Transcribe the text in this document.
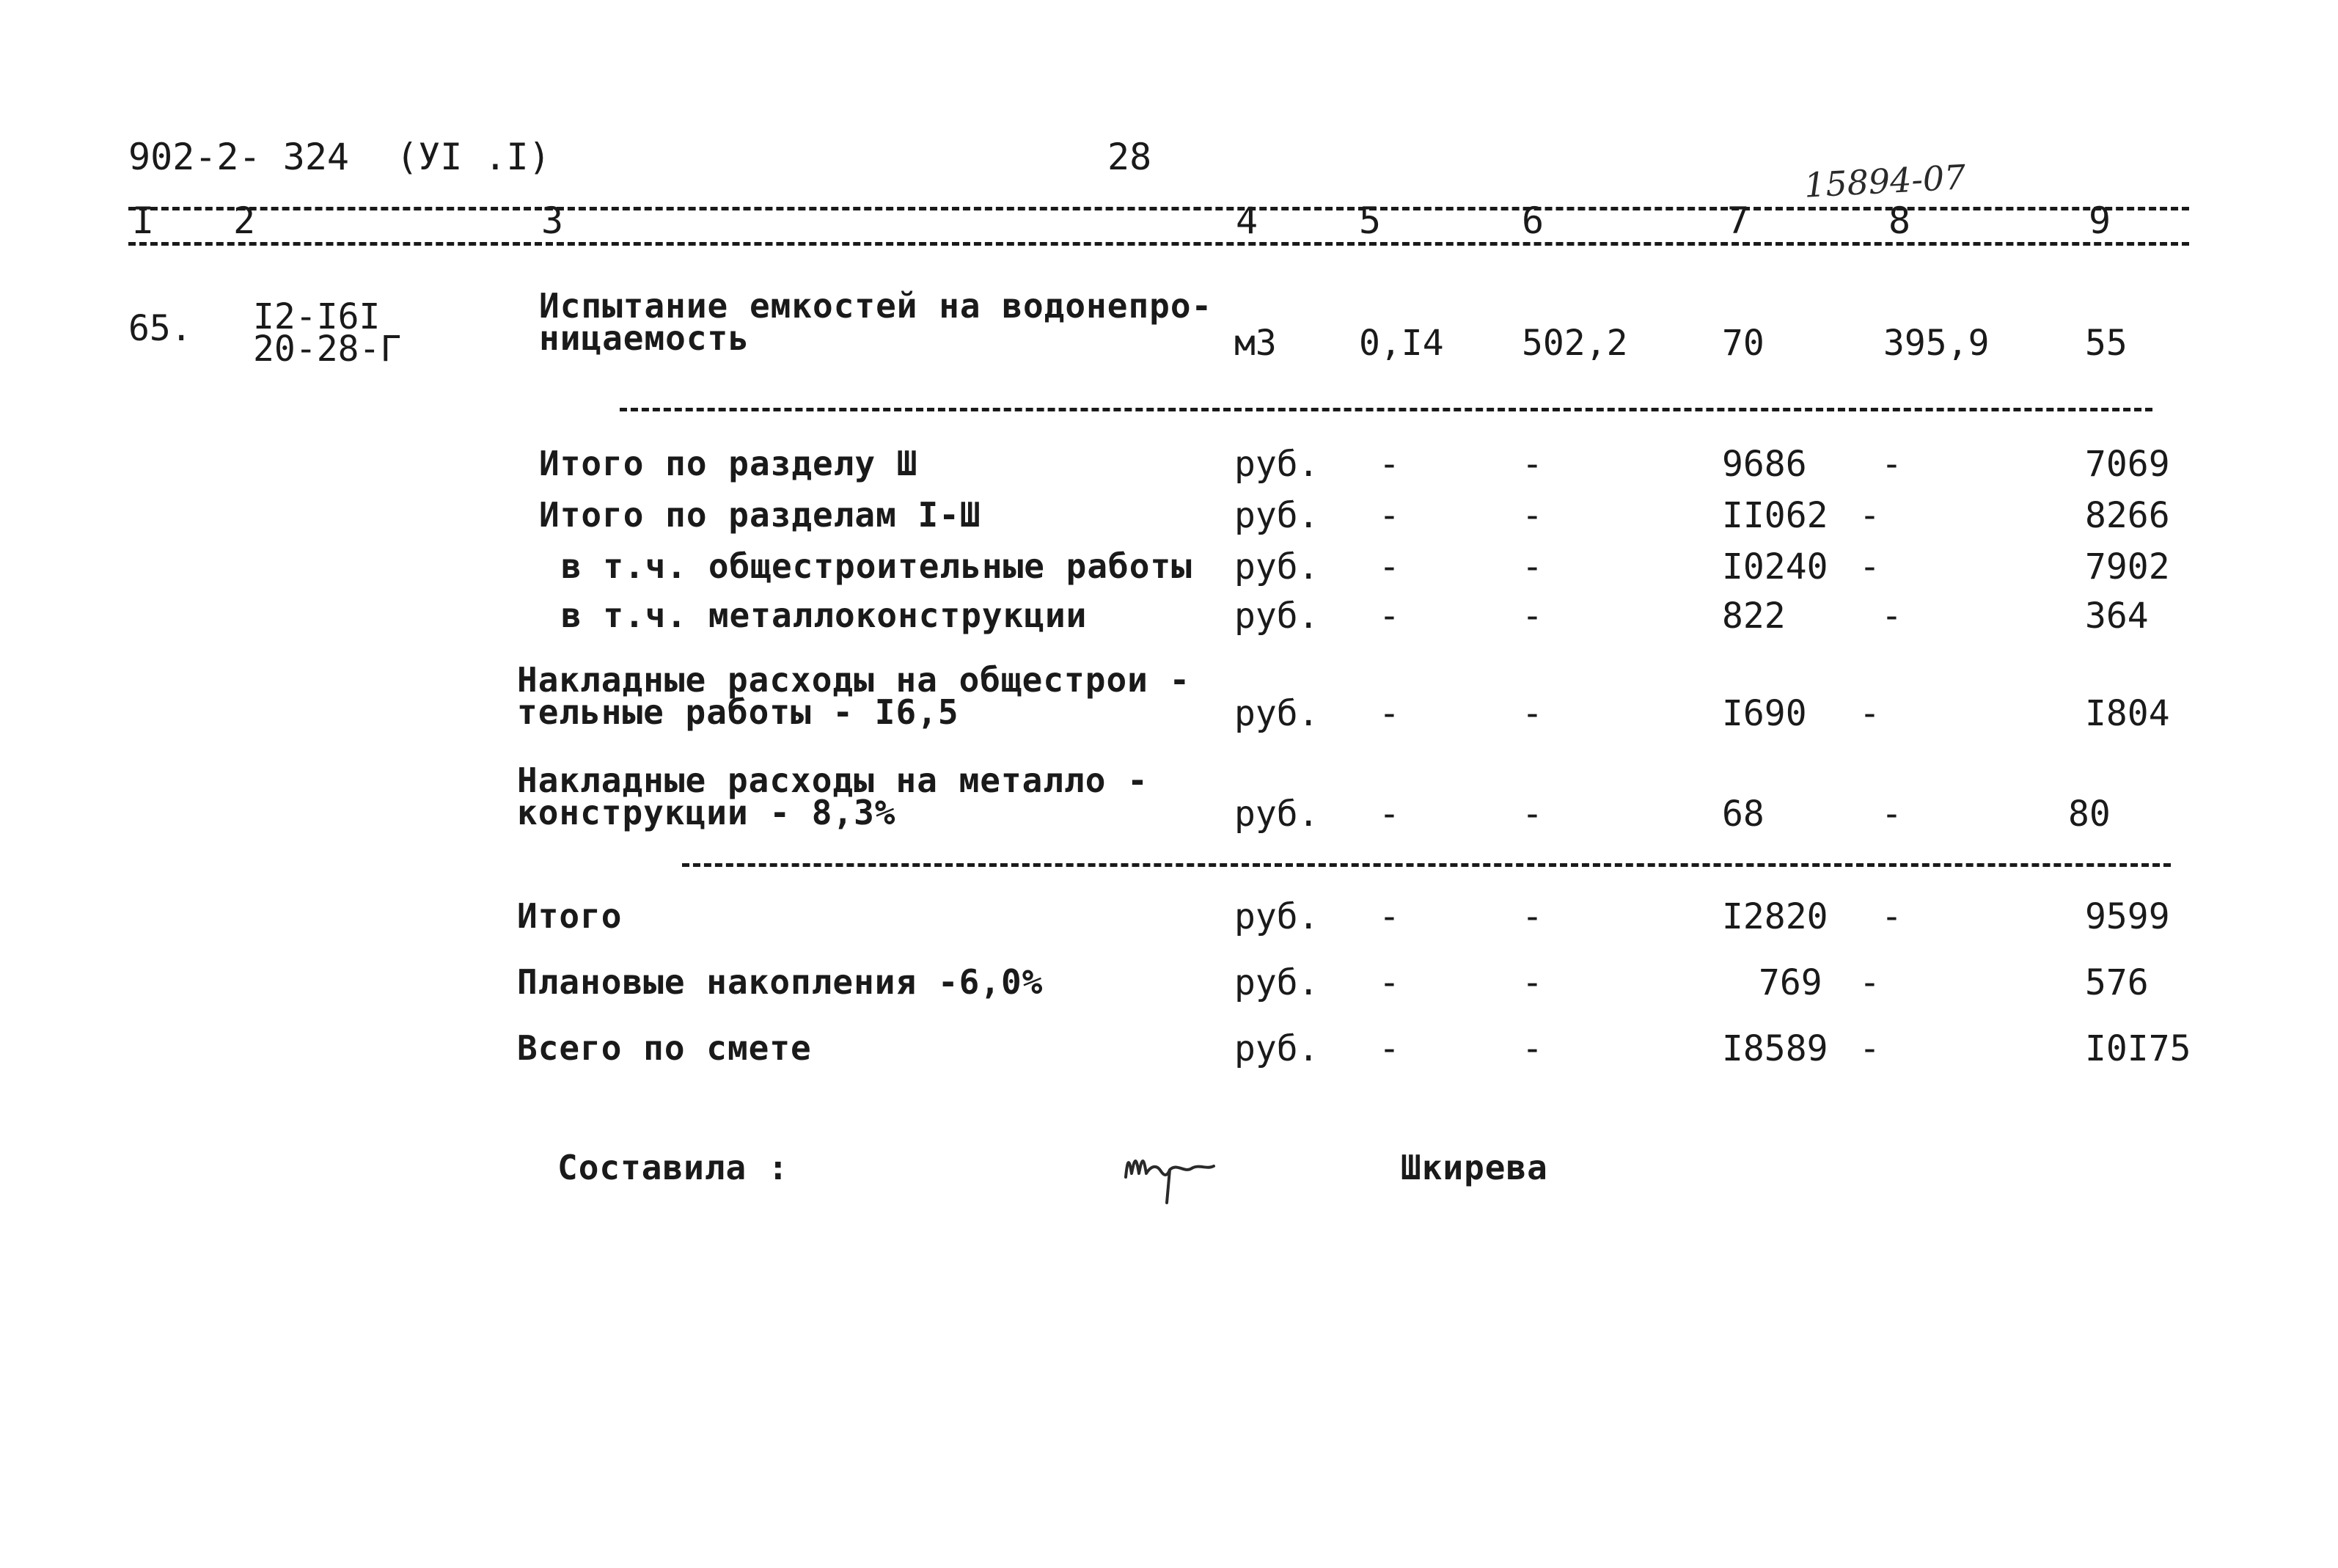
902-2- 324 (УI .I)	28
15894-07
I 2	3	4	5	6	7	8	9
65. I2-I6I
20-28-Г
Испытание емкостей на водонепро-
ницаемость	м3 0,I4 502,2	70	395,9	55
Итого по разделу Ш	руб. -	-	9686 -	7069
Итого по разделам I-Ш	руб. -	-	II062 -	8266
в т.ч. общестроительные работы руб. -	-	I0240 -	7902
в т.ч. металлоконструкции	руб. -	-	822	-	364
Накладные расходы на общестрои -
тельные работы - I6,5	руб. -	-	I690 -	I804
Накладные расходы на металло -
конструкции - 8,3%	руб. -	-	68	-	80
Итого	руб. -	-	I2820 -	9599
Плановые накопления -6,0%	руб. -	-	769 -	576
Всего по смете	руб. -	-	I8589 -	I0I75
Составила :	Шкирева
